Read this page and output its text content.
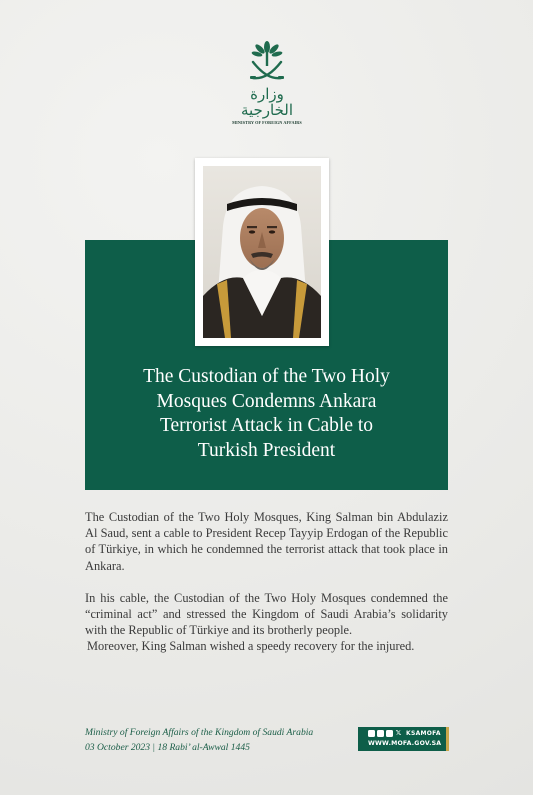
وزارة الخارجية
MINISTRY OF FOREIGN AFFAIRS
The Custodian of the Two Holy
Mosques Condemns Ankara
Terrorist Attack in Cable to
Turkish President

The Custodian of the Two Holy Mosques, King Salman bin Abdulaziz Al Saud, sent a cable to President Recep Tayyip Erdogan of the Republic of Türkiye, in which he condemned the terrorist attack that took place in Ankara.

In his cable, the Custodian of the Two Holy Mosques condemned the “criminal act” and stressed the Kingdom of Saudi Arabia’s solidarity with the Republic of Türkiye and its brotherly people.

Moreover, King Salman wished a speedy recovery for the injured.

Ministry of Foreign Affairs of the Kingdom of Saudi Arabia
03 October 2023 | 18 Rabi’ al-Awwal 1445
𝕏 KSAMOFA
WWW.MOFA.GOV.SA
